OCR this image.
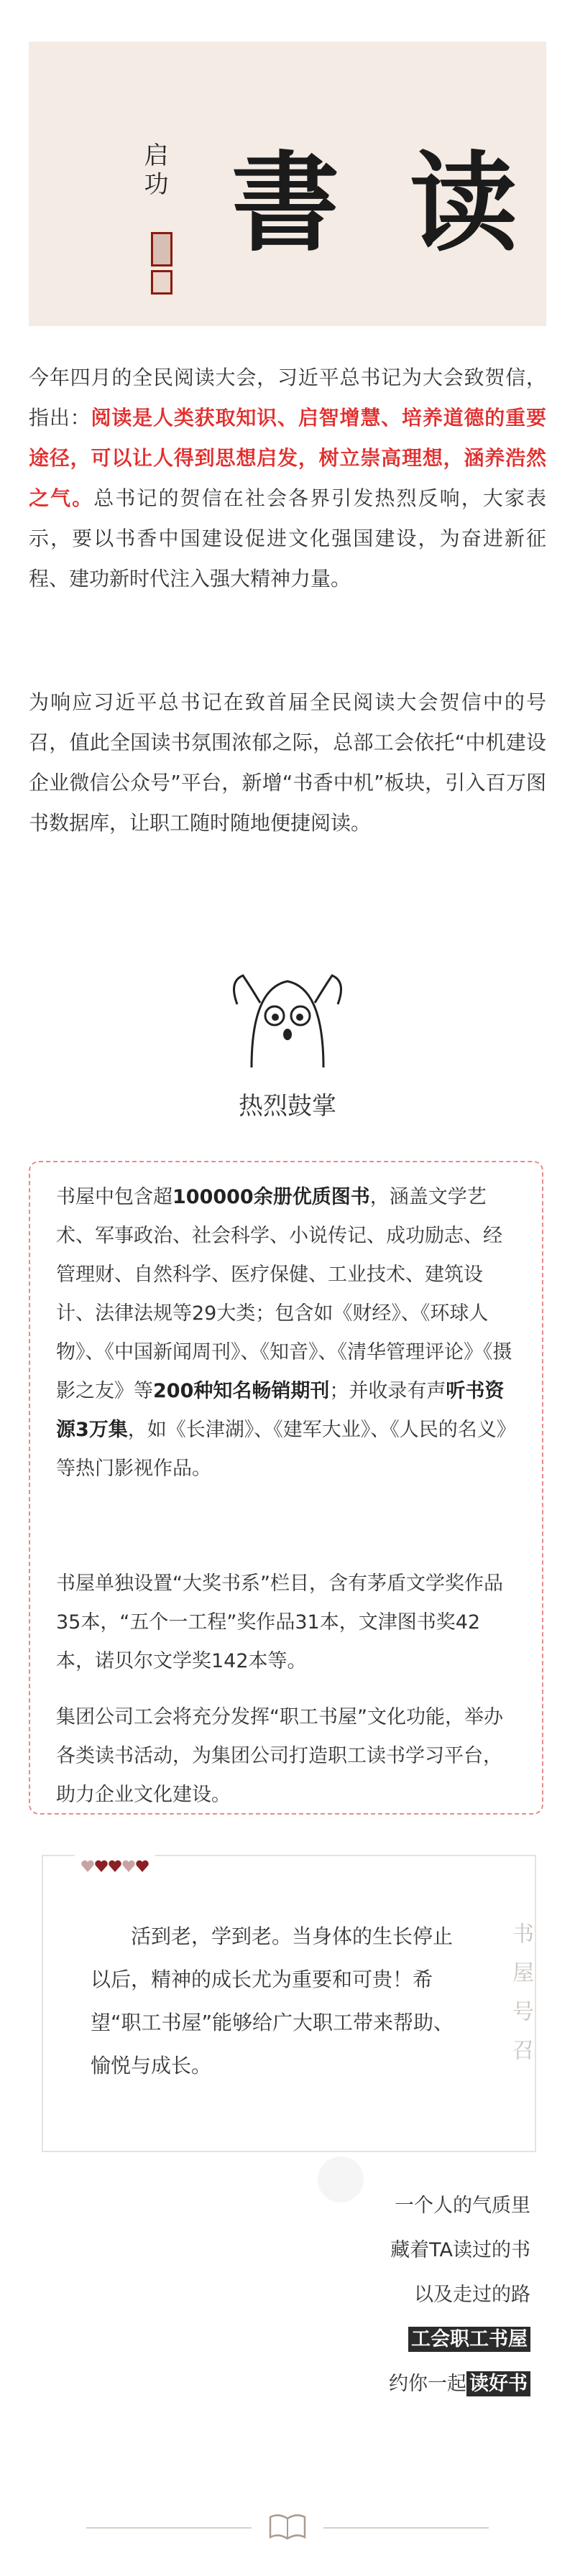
启功 書 读

今年四月的全民阅读大会，习近平总书记为大会致贺信，指出：阅读是人类获取知识、启智增慧、培养道德的重要途径，可以让人得到思想启发，树立崇高理想，涵养浩然之气。总书记的贺信在社会各界引发热烈反响，大家表示，要以书香中国建设促进文化强国建设，为奋进新征程、建功新时代注入强大精神力量。

为响应习近平总书记在致首届全民阅读大会贺信中的号召，值此全国读书氛围浓郁之际，总部工会依托“中机建设企业微信公众号”平台，新增“书香中机”板块，引入百万图书数据库，让职工随时随地便捷阅读。

热烈鼓掌

书屋中包含超100000余册优质图书，涵盖文学艺术、军事政治、社会科学、小说传记、成功励志、经管理财、自然科学、医疗保健、工业技术、建筑设计、法律法规等29大类；包含如《财经》、《环球人物》、《中国新闻周刊》、《知音》、《清华管理评论》《摄影之友》等200种知名畅销期刊；并收录有声听书资源3万集，如《长津湖》、《建军大业》、《人民的名义》等热门影视作品。

书屋单独设置“大奖书系”栏目，含有茅盾文学奖作品35本，“五个一工程”奖作品31本，文津图书奖42本，诺贝尔文学奖142本等。

集团公司工会将充分发挥“职工书屋”文化功能，举办各类读书活动，为集团公司打造职工读书学习平台，助力企业文化建设。

活到老，学到老。当身体的生长停止以后，精神的成长尤为重要和可贵！希望“职工书屋”能够给广大职工带来帮助、愉悦与成长。	书屋号召
一个人的气质里
藏着TA读过的书
以及走过的路
工会职工书屋
约你一起 读好书
